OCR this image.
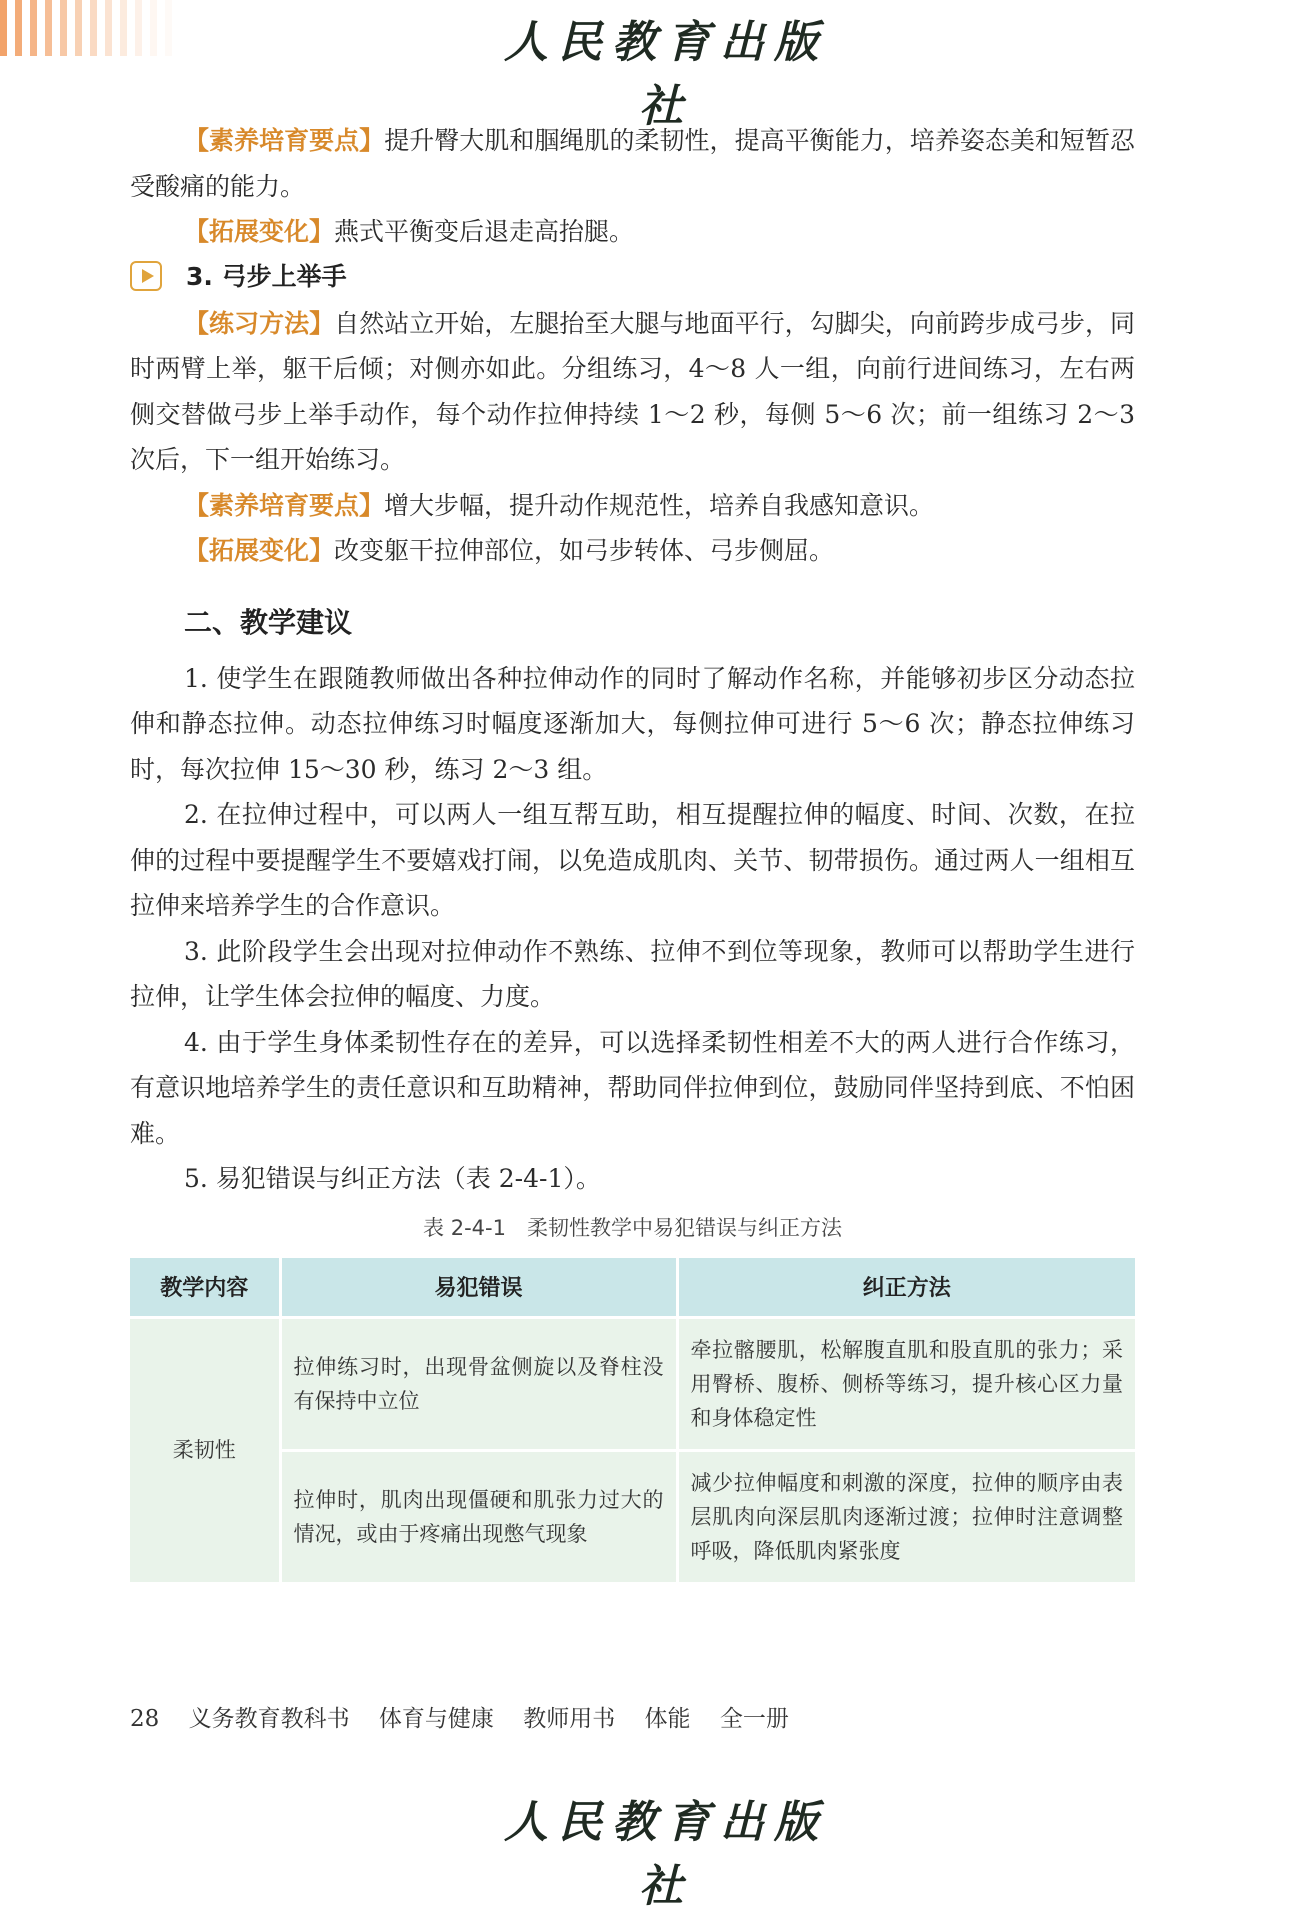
人民教育出版社

【素养培育要点】提升臀大肌和腘绳肌的柔韧性，提高平衡能力，培养姿态美和短暂忍受酸痛的能力。

【拓展变化】燕式平衡变后退走高抬腿。

3. 弓步上举手

【练习方法】自然站立开始，左腿抬至大腿与地面平行，勾脚尖，向前跨步成弓步，同时两臂上举，躯干后倾；对侧亦如此。分组练习，4～8 人一组，向前行进间练习，左右两侧交替做弓步上举手动作，每个动作拉伸持续 1～2 秒，每侧 5～6 次；前一组练习 2～3 次后，下一组开始练习。

【素养培育要点】增大步幅，提升动作规范性，培养自我感知意识。

【拓展变化】改变躯干拉伸部位，如弓步转体、弓步侧屈。

二、教学建议

1. 使学生在跟随教师做出各种拉伸动作的同时了解动作名称，并能够初步区分动态拉伸和静态拉伸。动态拉伸练习时幅度逐渐加大，每侧拉伸可进行 5～6 次；静态拉伸练习时，每次拉伸 15～30 秒，练习 2～3 组。

2. 在拉伸过程中，可以两人一组互帮互助，相互提醒拉伸的幅度、时间、次数，在拉伸的过程中要提醒学生不要嬉戏打闹，以免造成肌肉、关节、韧带损伤。通过两人一组相互拉伸来培养学生的合作意识。

3. 此阶段学生会出现对拉伸动作不熟练、拉伸不到位等现象，教师可以帮助学生进行拉伸，让学生体会拉伸的幅度、力度。

4. 由于学生身体柔韧性存在的差异，可以选择柔韧性相差不大的两人进行合作练习，有意识地培养学生的责任意识和互助精神，帮助同伴拉伸到位，鼓励同伴坚持到底、不怕困难。

5. 易犯错误与纠正方法（表 2-4-1）。

表 2-4-1　柔韧性教学中易犯错误与纠正方法
教学内容	易犯错误	纠正方法
柔韧性	拉伸练习时，出现骨盆侧旋以及脊柱没有保持中立位	牵拉髂腰肌，松解腹直肌和股直肌的张力；采用臀桥、腹桥、侧桥等练习，提升核心区力量和身体稳定性
	拉伸时，肌肉出现僵硬和肌张力过大的情况，或由于疼痛出现憋气现象	减少拉伸幅度和刺激的深度，拉伸的顺序由表层肌肉向深层肌肉逐渐过渡；拉伸时注意调整呼吸，降低肌肉紧张度
28 义务教育教科书 体育与健康 教师用书 体能 全一册
人民教育出版社
